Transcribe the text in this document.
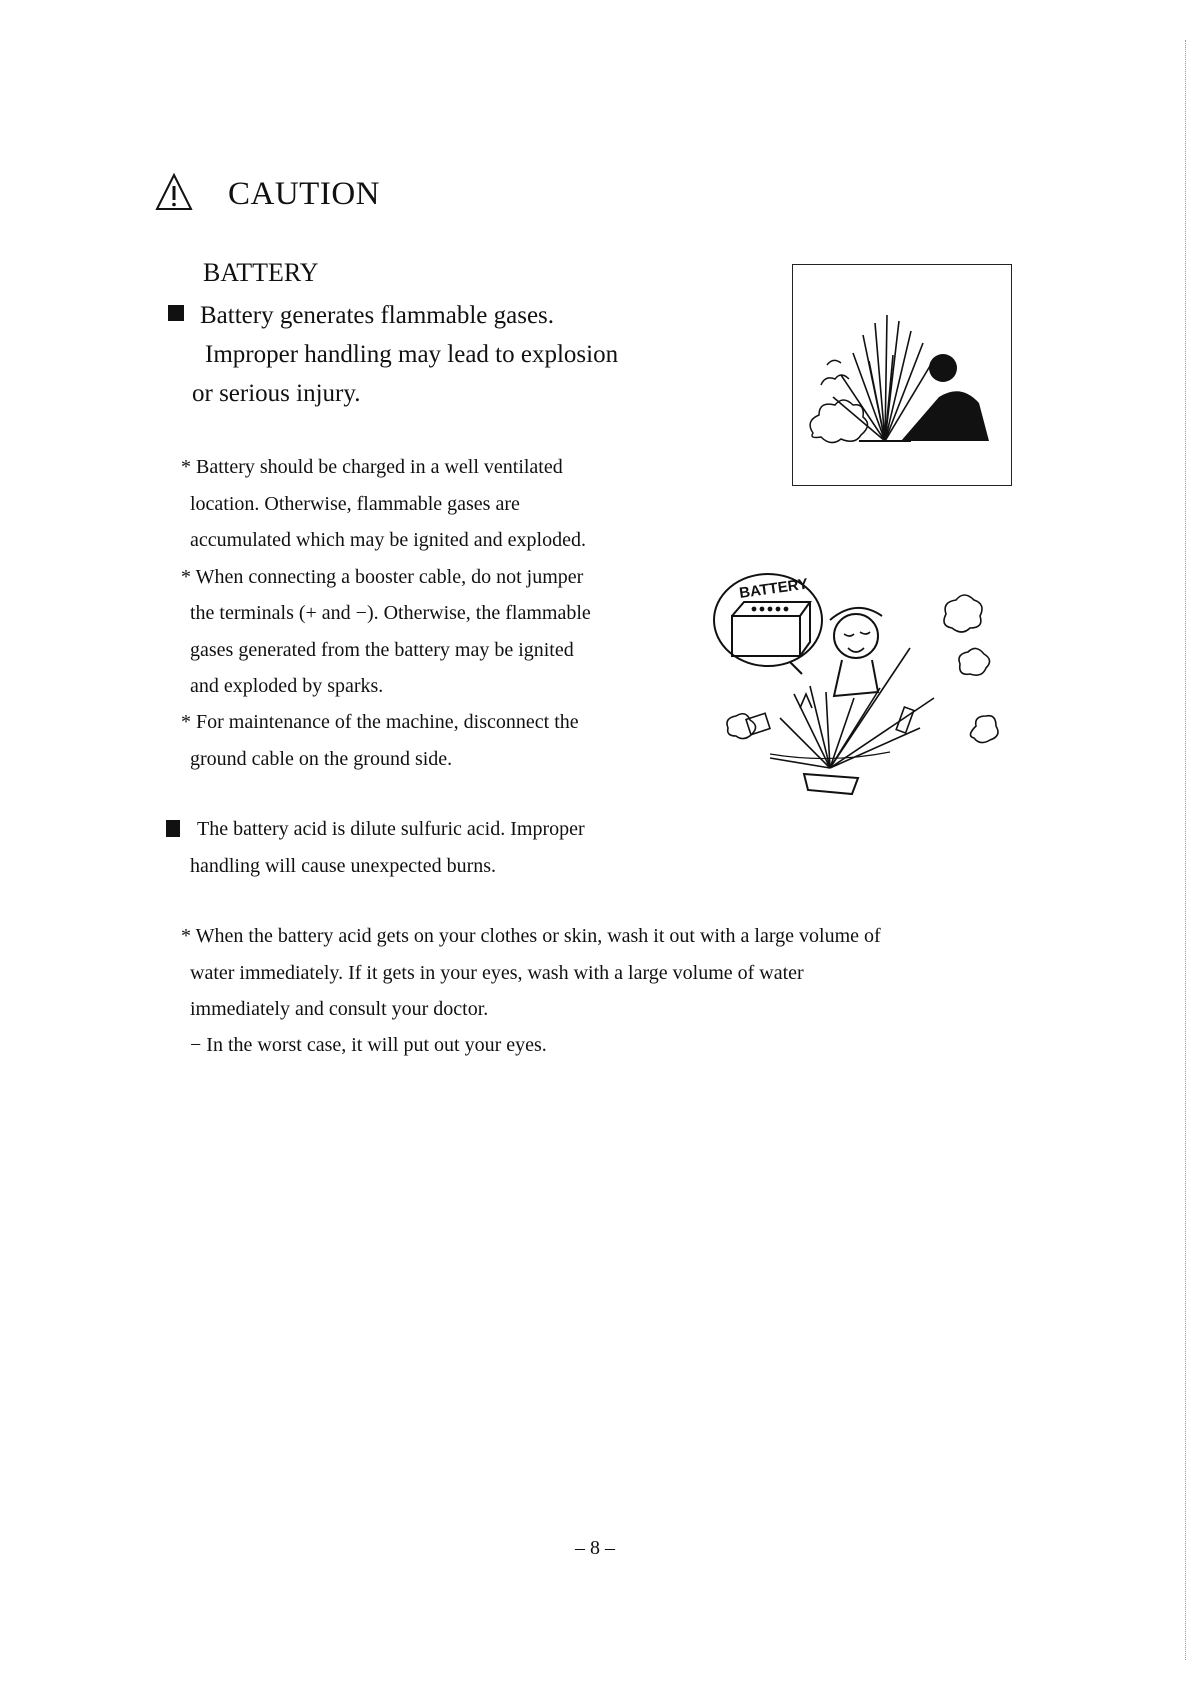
CAUTION
BATTERY
Battery generates flammable gases.
Improper handling may lead to explosion
or serious injury.
* Battery should be charged in a well ventilated
location. Otherwise, flammable gases are
accumulated which may be ignited and exploded.
* When connecting a booster cable, do not jumper
the terminals (+ and −). Otherwise, the flammable
gases generated from the battery may be ignited
and exploded by sparks.
* For maintenance of the machine, disconnect the
ground cable on the ground side.
The battery acid is dilute sulfuric acid. Improper
handling will cause unexpected burns.
* When the battery acid gets on your clothes or skin, wash it out with a large volume of
water immediately. If it gets in your eyes, wash with a large volume of water
immediately and consult your doctor.
− In the worst case, it will put out your eyes.
BATTERY
– 8 –
